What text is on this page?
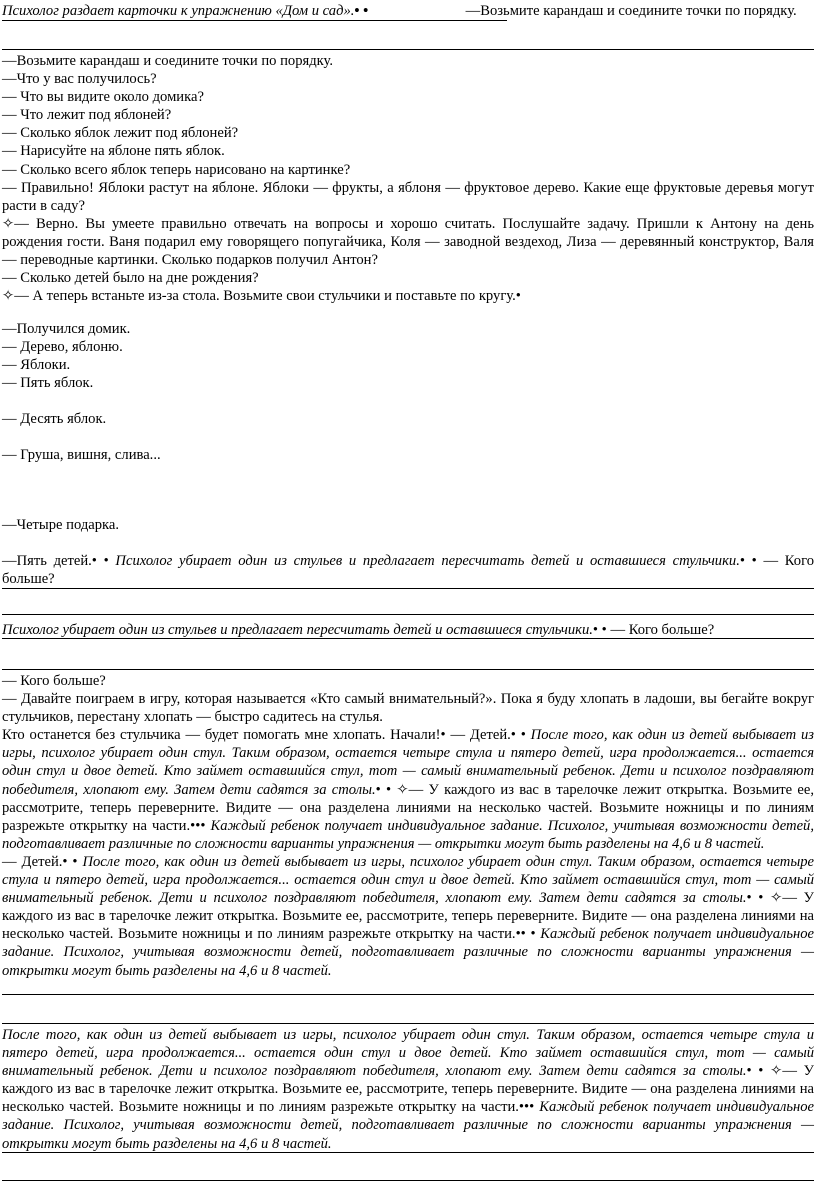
Психолог раздает карточки к упражнению «Дом и сад».• •	—Возьмите карандаш и соедините точки по порядку.
—Возьмите карандаш и соедините точки по порядку.
—Что у вас получилось?
— Что вы видите около домика?
— Что лежит под яблоней?
— Сколько яблок лежит под яблоней?
— Нарисуйте на яблоне пять яблок.
— Сколько всего яблок теперь нарисовано на картинке?
— Правильно! Яблоки растут на яблоне. Яблоки — фрукты, а яблоня — фруктовое дерево. Какие еще фруктовые деревья могут расти в саду?
✧— Верно. Вы умеете правильно отвечать на вопросы и хорошо считать. Послушайте задачу. Пришли к Антону на день рождения гости. Ваня подарил ему говорящего попугайчика, Коля — заводной вездеход, Лиза — деревянный конструктор, Валя — переводные картинки. Сколько подарков получил Антон?
— Сколько детей было на дне рождения?
✧— А теперь встаньте из-за стола. Возьмите свои стульчики и поставьте по кругу.•
—Получился домик.
— Дерево, яблоню.
— Яблоки.
— Пять яблок.
— Десять яблок.
— Груша, вишня, слива...
—Четыре подарка.
—Пять детей.• • Психолог убирает один из стульев и предлагает пересчитать детей и оставшиеся стульчики.• • — Кого больше?
Психолог убирает один из стульев и предлагает пересчитать детей и оставшиеся стульчики.• • — Кого больше?
— Кого больше?
— Давайте поиграем в игру, которая называется «Кто самый внимательный?». Пока я буду хлопать в ладоши, вы бегайте вокруг стульчиков, перестану хлопать — быстро садитесь на стулья.
Кто останется без стульчика — будет помогать мне хлопать. Начали!• — Детей.• • После того, как один из детей выбывает из игры, психолог убирает один стул. Таким образом, остается четыре стула и пятеро детей, игра продолжается... остается один стул и двое детей. Кто займет оставшийся стул, тот — самый внимательный ребенок. Дети и психолог поздравляют победителя, хлопают ему. Затем дети садятся за столы.• • ✧— У каждого из вас в тарелочке лежит открытка. Возьмите ее, рассмотрите, теперь переверните. Видите — она разделена линиями на несколько частей. Возьмите ножницы и по линиям разрежьте открытку на части.••• Каждый ребенок получает индивидуальное задание. Психолог, учитывая возможности детей, подготавливает различные по сложности варианты упражнения — открытки могут быть разделены на 4,6 и 8 частей.
— Детей.• • После того, как один из детей выбывает из игры, психолог убирает один стул. Таким образом, остается четыре стула и пятеро детей, игра продолжается... остается один стул и двое детей. Кто займет оставшийся стул, тот — самый внимательный ребенок. Дети и психолог поздравляют победителя, хлопают ему. Затем дети садятся за столы.• • ✧— У каждого из вас в тарелочке лежит открытка. Возьмите ее, рассмотрите, теперь переверните. Видите — она разделена линиями на несколько частей. Возьмите ножницы и по линиям разрежьте открытку на части.•• • Каждый ребенок получает индивидуальное задание. Психолог, учитывая возможности детей, подготавливает различные по сложности варианты упражнения — открытки могут быть разделены на 4,6 и 8 частей.
После того, как один из детей выбывает из игры, психолог убирает один стул. Таким образом, остается четыре стула и пятеро детей, игра продолжается... остается один стул и двое детей. Кто займет оставшийся стул, тот — самый внимательный ребенок. Дети и психолог поздравляют победителя, хлопают ему. Затем дети садятся за столы.• • ✧— У каждого из вас в тарелочке лежит открытка. Возьмите ее, рассмотрите, теперь переверните. Видите — она разделена линиями на несколько частей. Возьмите ножницы и по линиям разрежьте открытку на части.••• Каждый ребенок получает индивидуальное задание. Психолог, учитывая возможности детей, подготавливает различные по сложности варианты упражнения — открытки могут быть разделены на 4,6 и 8 частей.
